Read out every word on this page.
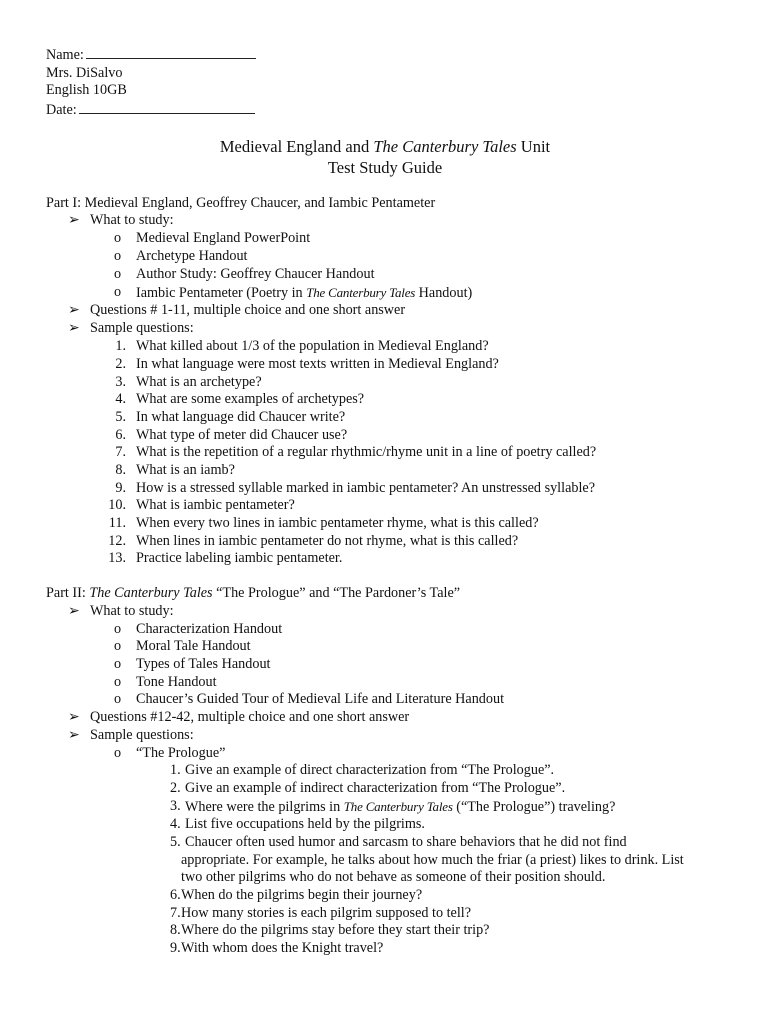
Name:
Mrs. DiSalvo
English 10GB
Date:
Medieval England and The Canterbury Tales Unit
Test Study Guide
Part I: Medieval England, Geoffrey Chaucer, and Iambic Pentameter
➢ What to study:
o Medieval England PowerPoint
o Archetype Handout
o Author Study: Geoffrey Chaucer Handout
o Iambic Pentameter (Poetry in The Canterbury Tales Handout)
➢ Questions # 1-11, multiple choice and one short answer
➢ Sample questions:
1. What killed about 1/3 of the population in Medieval England?
2. In what language were most texts written in Medieval England?
3. What is an archetype?
4. What are some examples of archetypes?
5. In what language did Chaucer write?
6. What type of meter did Chaucer use?
7. What is the repetition of a regular rhythmic/rhyme unit in a line of poetry called?
8. What is an iamb?
9. How is a stressed syllable marked in iambic pentameter? An unstressed syllable?
10. What is iambic pentameter?
11. When every two lines in iambic pentameter rhyme, what is this called?
12. When lines in iambic pentameter do not rhyme, what is this called?
13. Practice labeling iambic pentameter.
Part II: The Canterbury Tales “The Prologue” and “The Pardoner’s Tale”
➢ What to study:
o Characterization Handout
o Moral Tale Handout
o Types of Tales Handout
o Tone Handout
o Chaucer’s Guided Tour of Medieval Life and Literature Handout
➢ Questions #12-42, multiple choice and one short answer
➢ Sample questions:
o “The Prologue”
1. Give an example of direct characterization from “The Prologue”.
2. Give an example of indirect characterization from “The Prologue”.
3. Where were the pilgrims in The Canterbury Tales (“The Prologue”) traveling?
4. List five occupations held by the pilgrims.
5. Chaucer often used humor and sarcasm to share behaviors that he did not find
appropriate. For example, he talks about how much the friar (a priest) likes to drink. List
two other pilgrims who do not behave as someone of their position should.
6. When do the pilgrims begin their journey?
7. How many stories is each pilgrim supposed to tell?
8. Where do the pilgrims stay before they start their trip?
9. With whom does the Knight travel?
